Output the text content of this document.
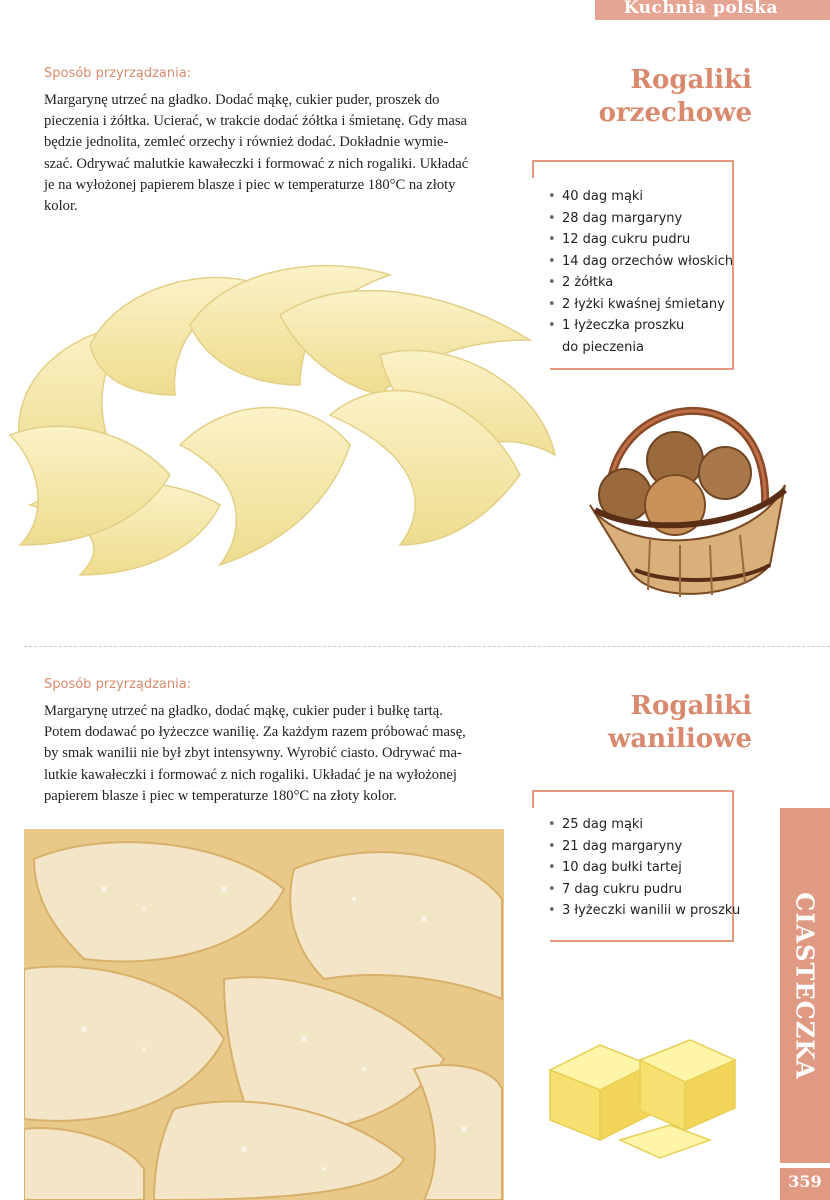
Kuchnia polska
Sposób przyrządzania:
Margarynę utrzeć na gładko. Dodać mąkę, cukier puder, proszek do
pieczenia i żółtka. Ucierać, w trakcie dodać żółtka i śmietanę. Gdy masa
będzie jednolita, zemleć orzechy i również dodać. Dokładnie wymie-
szać. Odrywać malutkie kawałeczki i formować z nich rogaliki. Układać
je na wyłożonej papierem blasze i piec w temperaturze 180°C na złoty
kolor.
Rogaliki
orzechowe
• 40 dag mąki
• 28 dag margaryny
• 12 dag cukru pudru
• 14 dag orzechów włoskich
• 2 żółtka
• 2 łyżki kwaśnej śmietany
• 1 łyżeczka proszku
do pieczenia
Sposób przyrządzania:
Margarynę utrzeć na gładko, dodać mąkę, cukier puder i bułkę tartą.
Potem dodawać po łyżeczce wanilię. Za każdym razem próbować masę,
by smak wanilii nie był zbyt intensywny. Wyrobić ciasto. Odrywać ma-
lutkie kawałeczki i formować z nich rogaliki. Układać je na wyłożonej
papierem blasze i piec w temperaturze 180°C na złoty kolor.
Rogaliki
waniliowe
• 25 dag mąki
• 21 dag margaryny
• 10 dag bułki tartej
• 7 dag cukru pudru
• 3 łyżeczki wanilii w proszku	CIASTECZKA
359
